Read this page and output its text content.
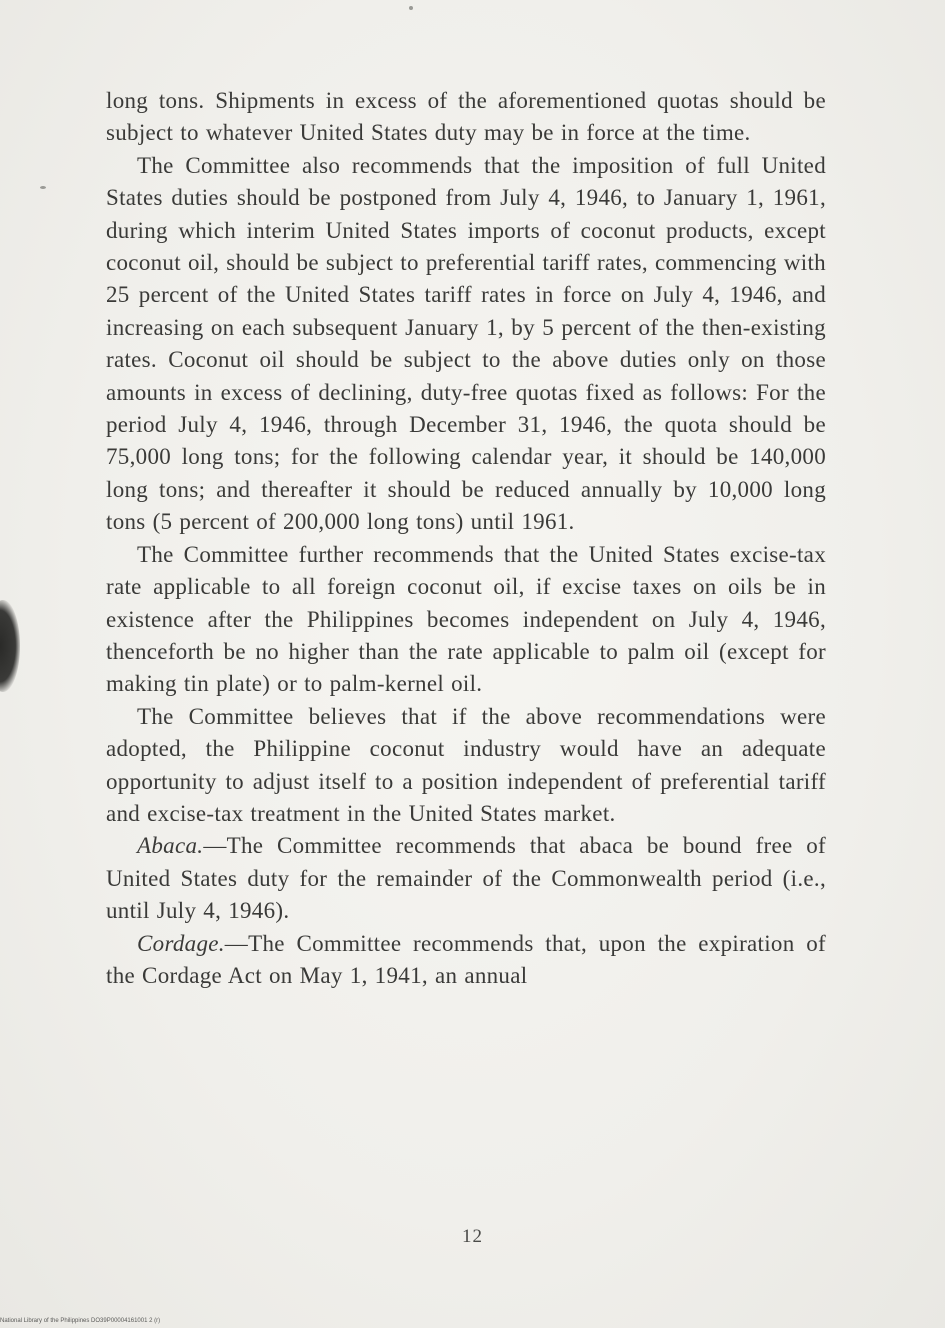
long tons. Shipments in excess of the aforementioned quotas should be subject to whatever United States duty may be in force at the time.

The Committee also recommends that the imposition of full United States duties should be postponed from July 4, 1946, to January 1, 1961, during which interim United States imports of coconut products, except coconut oil, should be subject to preferential tariff rates, commencing with 25 percent of the United States tariff rates in force on July 4, 1946, and increasing on each subsequent January 1, by 5 percent of the then-existing rates. Coconut oil should be subject to the above duties only on those amounts in excess of declining, duty-free quotas fixed as follows: For the period July 4, 1946, through December 31, 1946, the quota should be 75,000 long tons; for the following calendar year, it should be 140,000 long tons; and thereafter it should be reduced annually by 10,000 long tons (5 percent of 200,000 long tons) until 1961.

The Committee further recommends that the United States excise-tax rate applicable to all foreign coconut oil, if excise taxes on oils be in existence after the Philippines becomes independent on July 4, 1946, thenceforth be no higher than the rate applicable to palm oil (except for making tin plate) or to palm-kernel oil.

The Committee believes that if the above recommendations were adopted, the Philippine coconut industry would have an adequate opportunity to adjust itself to a position independent of preferential tariff and excise-tax treatment in the United States market.

Abaca.—The Committee recommends that abaca be bound free of United States duty for the remainder of the Commonwealth period (i.e., until July 4, 1946).

Cordage.—The Committee recommends that, upon the expiration of the Cordage Act on May 1, 1941, an annual

12
National Library of the Philippines DO39P00004161001 2 (r)
